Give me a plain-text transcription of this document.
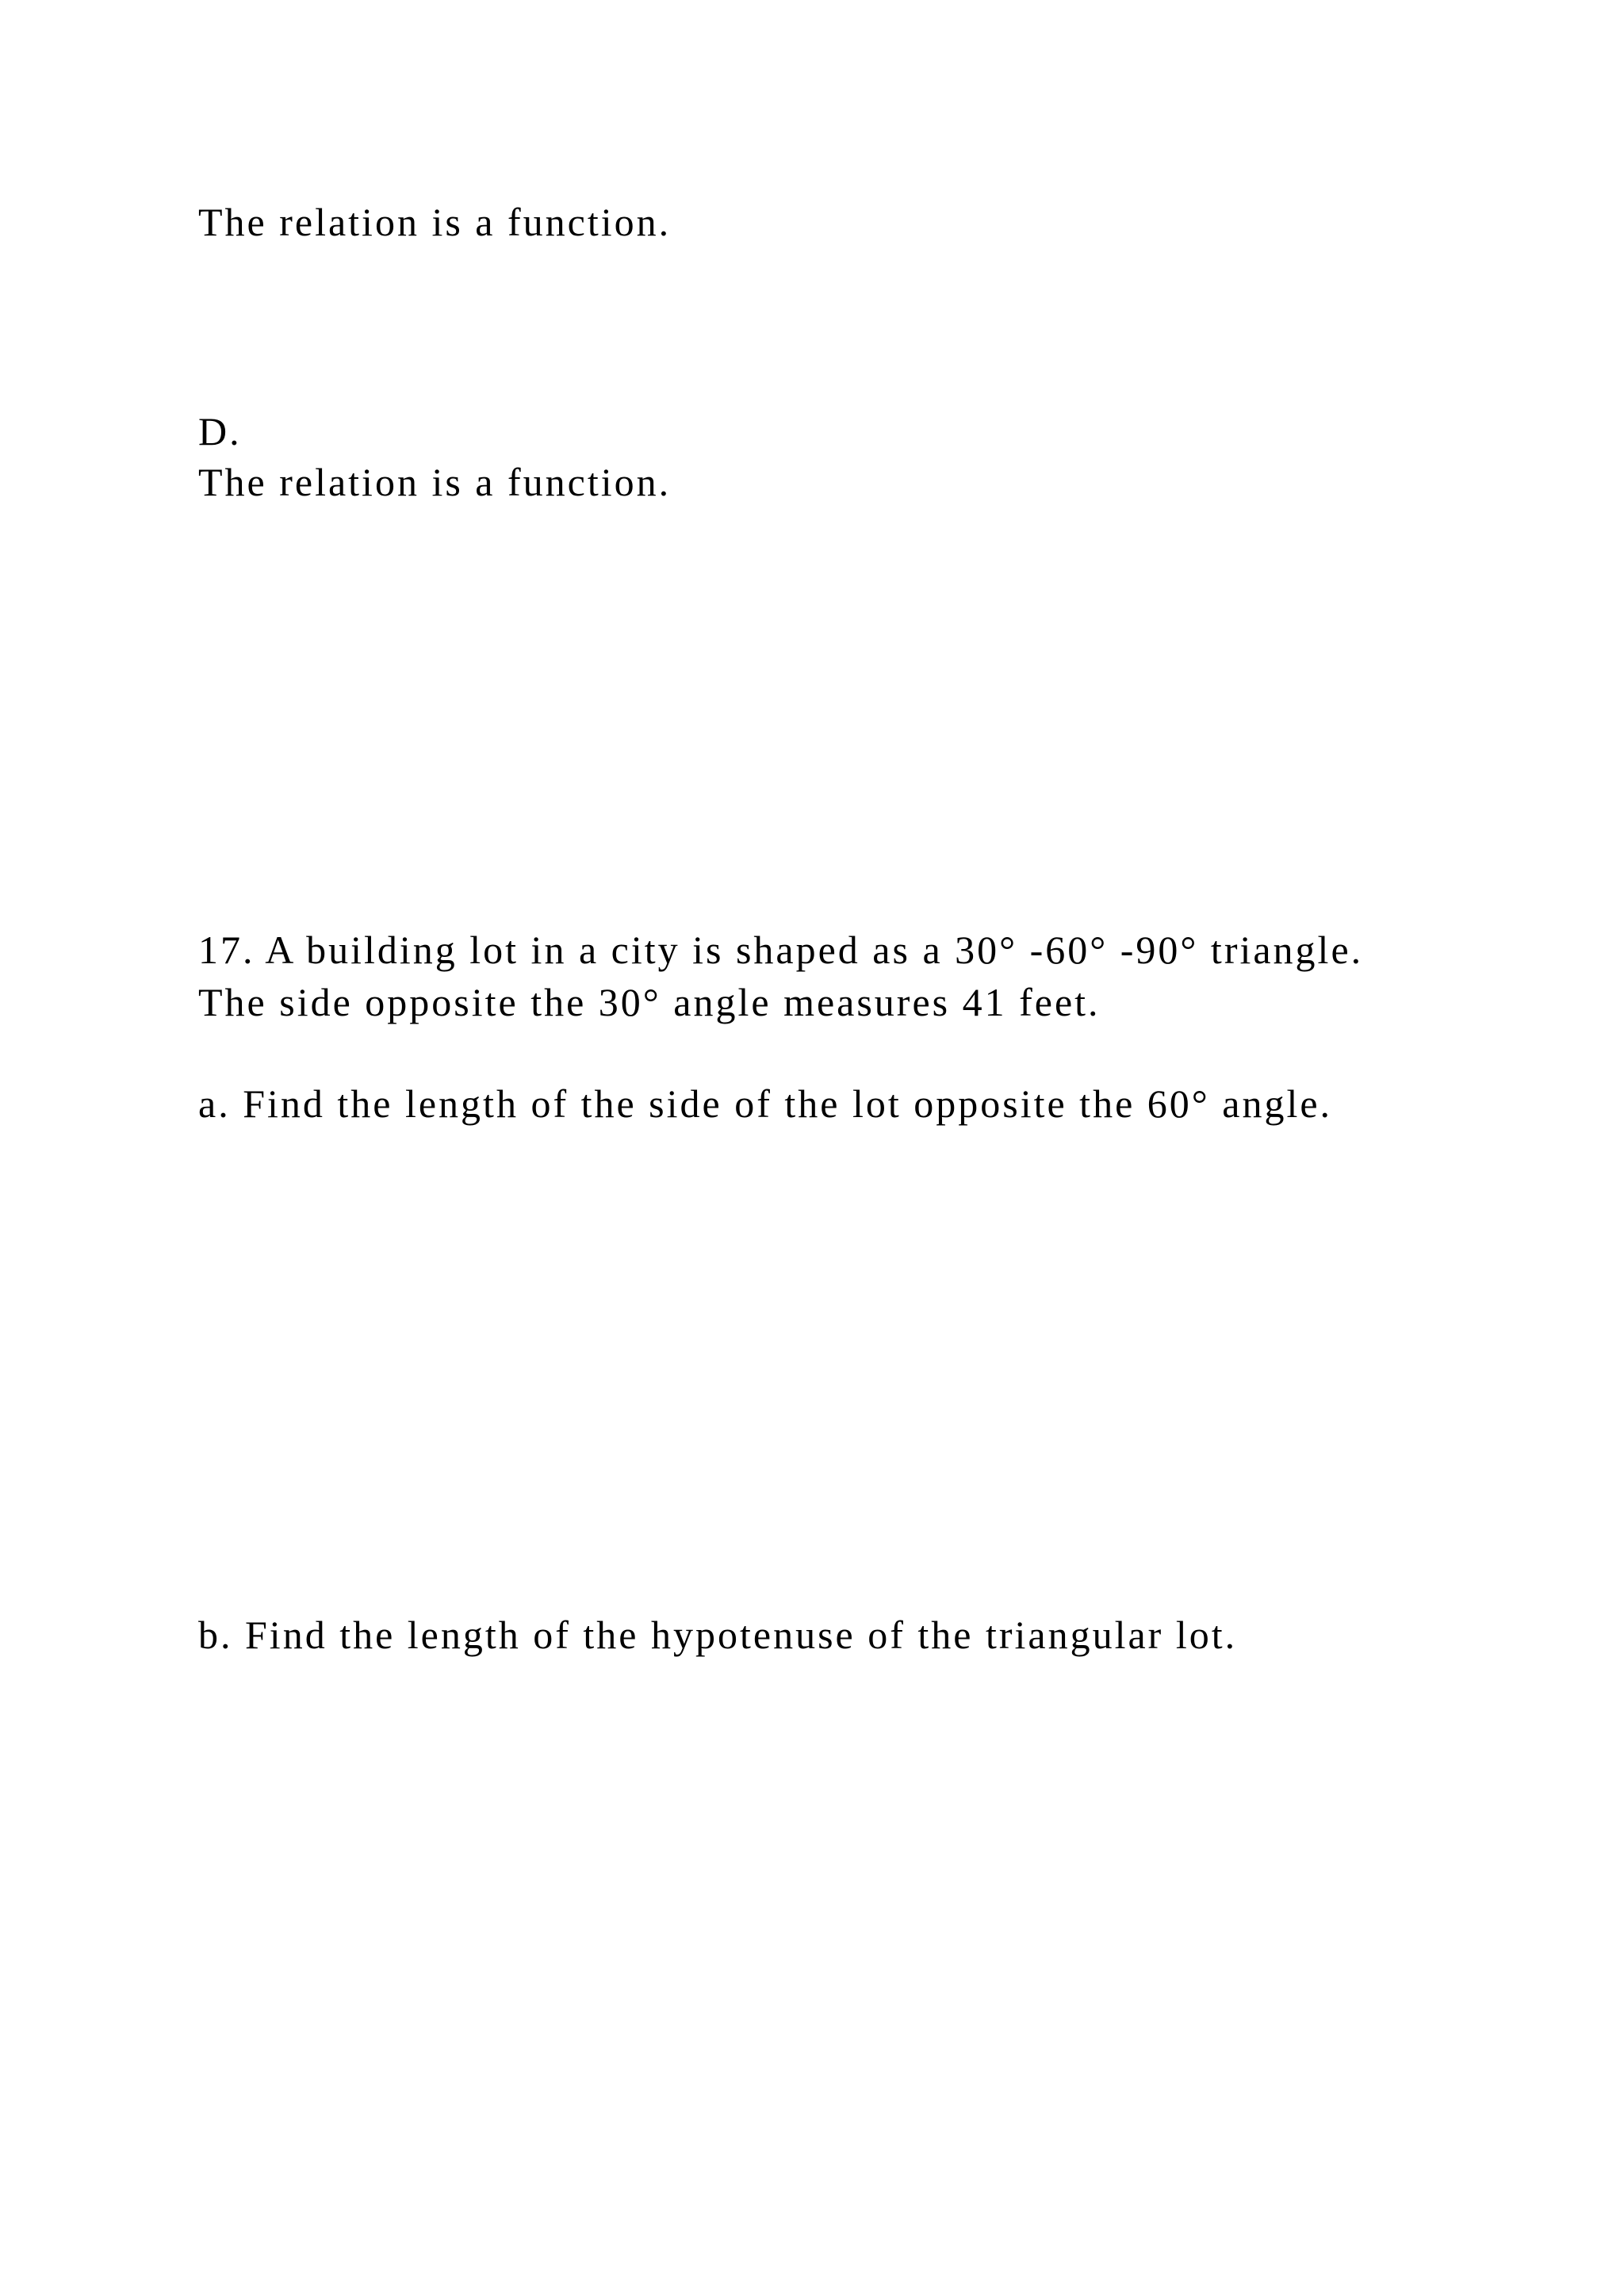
The relation is a function.
D.
The relation is a function.
17. A building lot in a city is shaped as a 30° -60° -90° triangle.
The side opposite the 30° angle measures 41 feet.
a. Find the length of the side of the lot opposite the 60° angle.
b. Find the length of the hypotenuse of the triangular lot.
